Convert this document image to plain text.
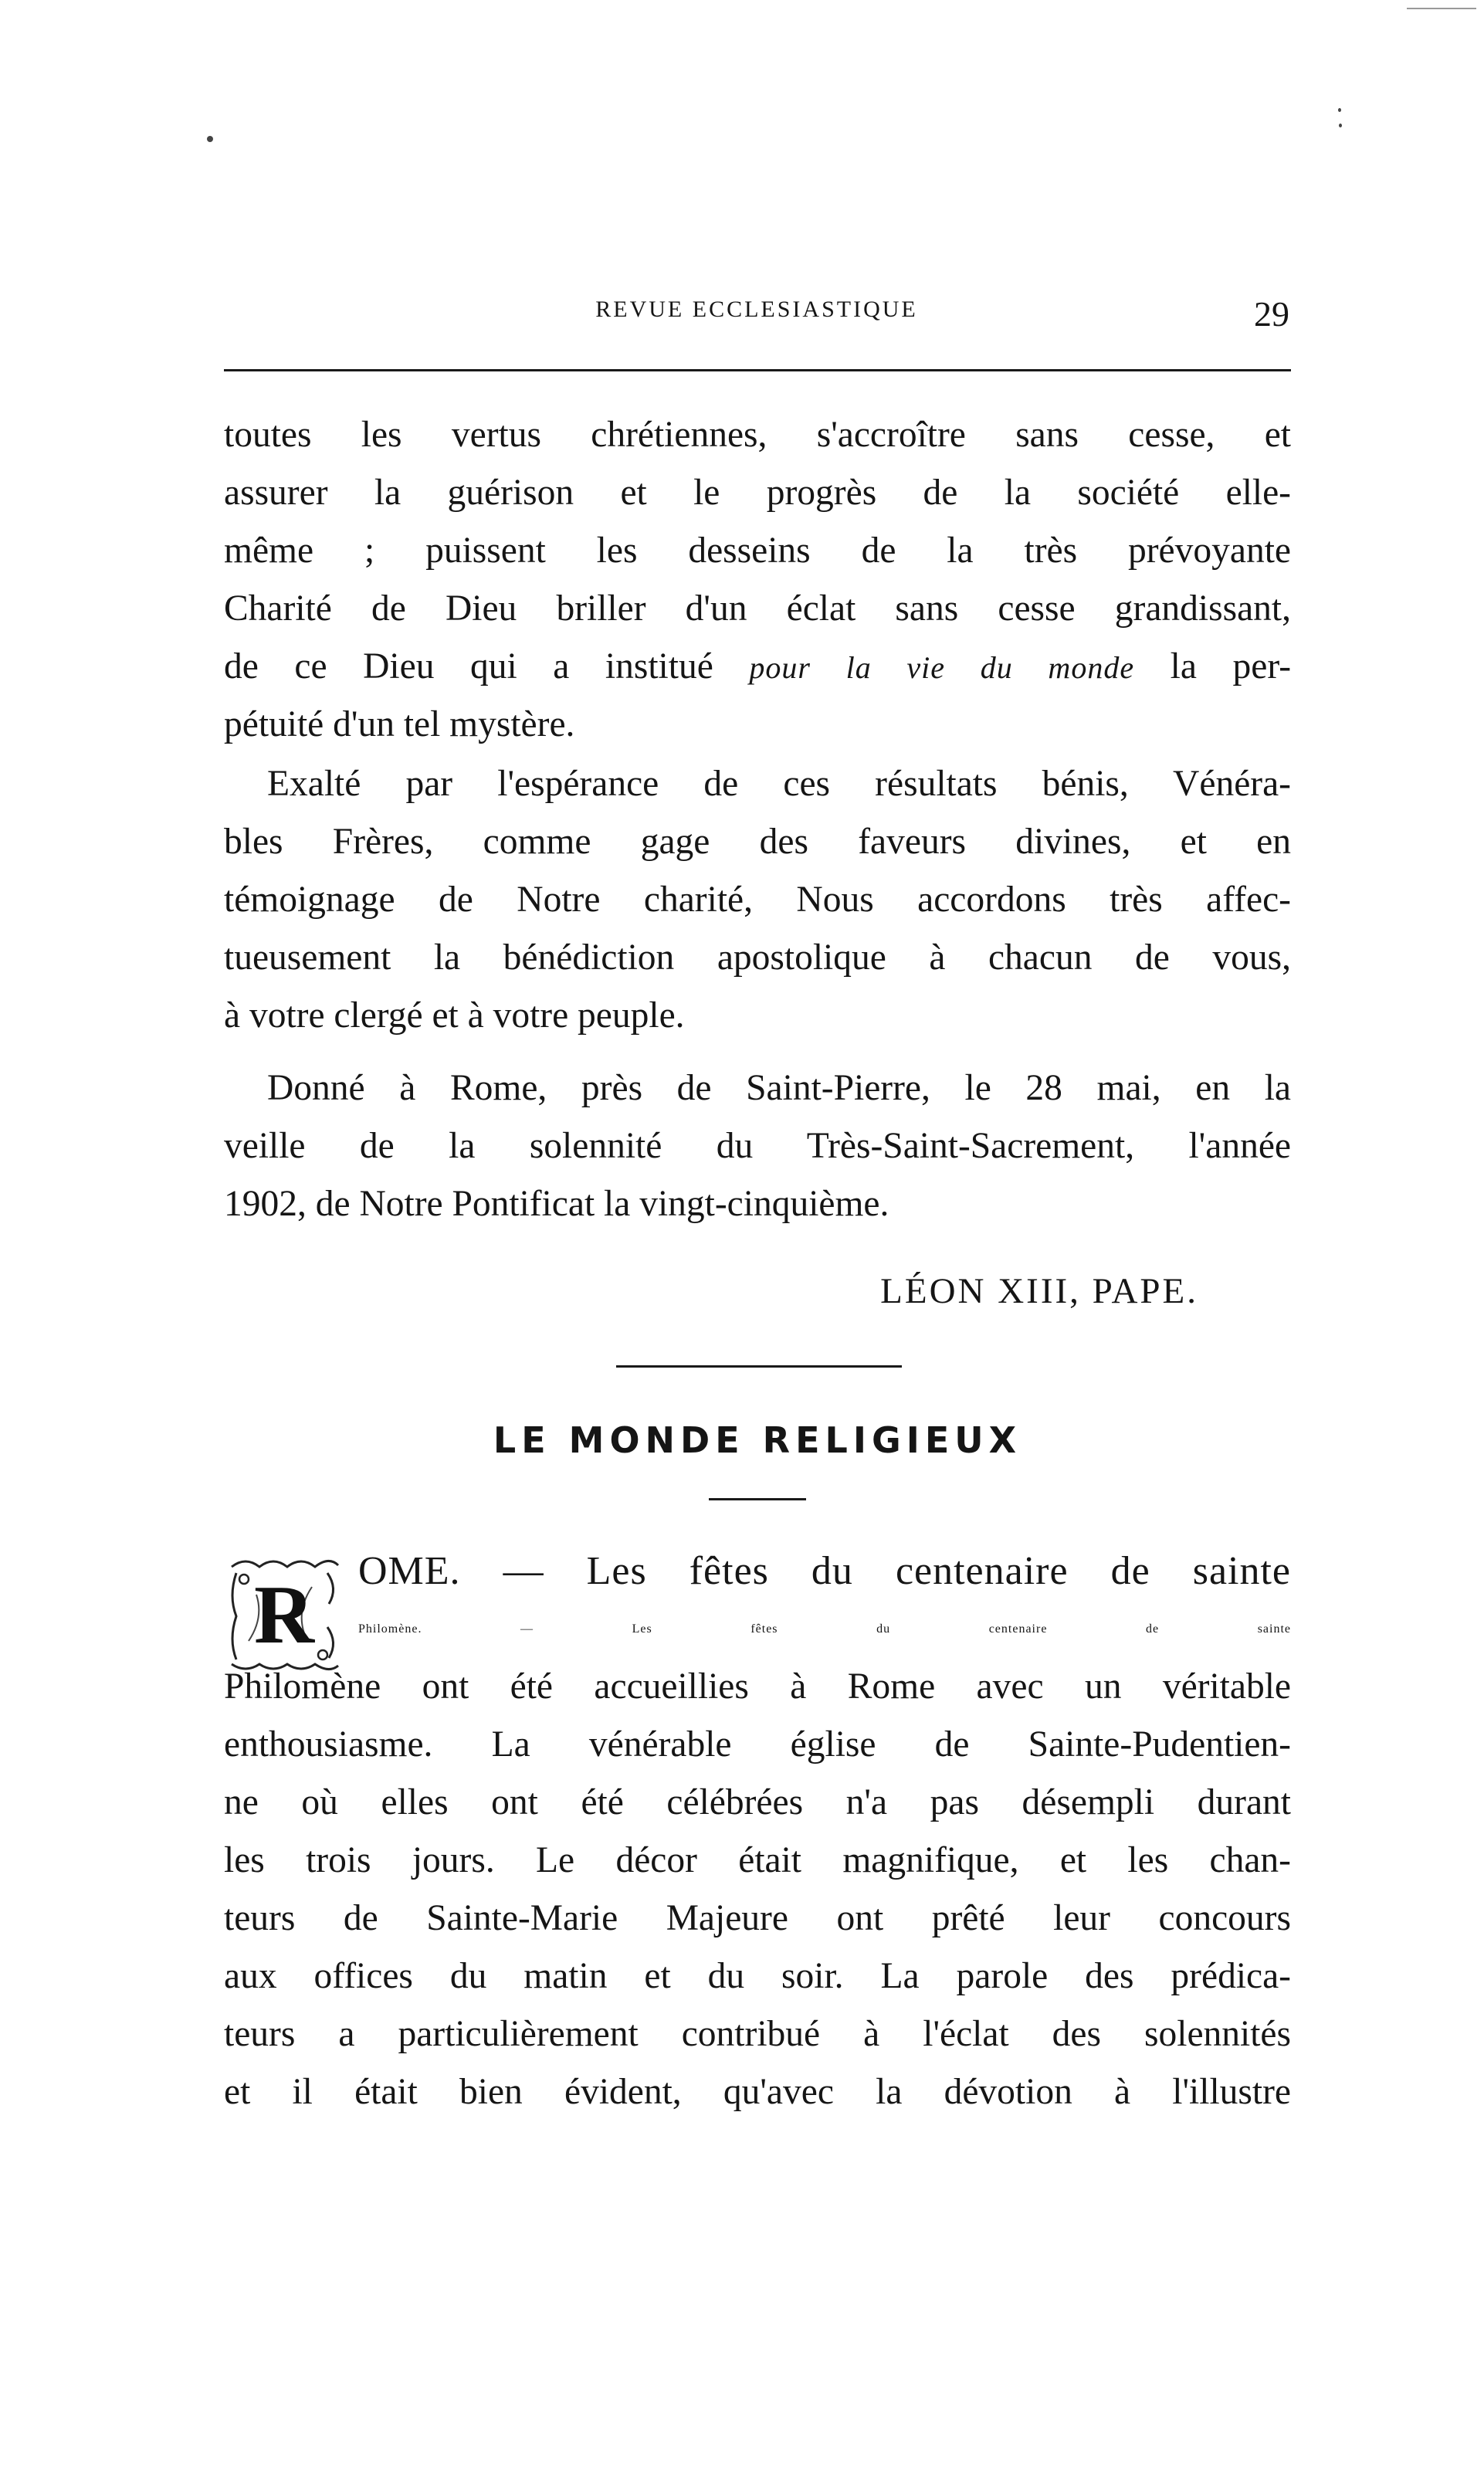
REVUE ECCLESIASTIQUE	29
toutes les vertus chrétiennes, s'accroître sans cesse, et
assurer la guérison et le progrès de la société elle-
même ; puissent les desseins de la très prévoyante
Charité de Dieu briller d'un éclat sans cesse grandissant,
de ce Dieu qui a institué pour la vie du monde la per-
pétuité d'un tel mystère.
Exalté par l'espérance de ces résultats bénis, Vénéra-
bles Frères, comme gage des faveurs divines, et en
témoignage de Notre charité, Nous accordons très affec-
tueusement la bénédiction apostolique à chacun de vous,
à votre clergé et à votre peuple.
Donné à Rome, près de Saint-Pierre, le 28 mai, en la
veille de la solennité du Très-Saint-Sacrement, l'année
1902, de Notre Pontificat la vingt-cinquième.
LÉON XIII, PAPE.
LE MONDE RELIGIEUX
R OME. — Les fêtes du centenaire de sainte
Philomène. —	Les fêtes du centenaire de sainte
Philomène ont été accueillies à Rome avec un véritable
enthousiasme. La vénérable église de Sainte-Pudentien-
ne où elles ont été célébrées n'a pas désempli durant
les trois jours. Le décor était magnifique, et les chan-
teurs de Sainte-Marie Majeure ont prêté leur concours
aux offices du matin et du soir. La parole des prédica-
teurs a particulièrement contribué à l'éclat des solennités
et il était bien évident, qu'avec la dévotion à l'illustre
